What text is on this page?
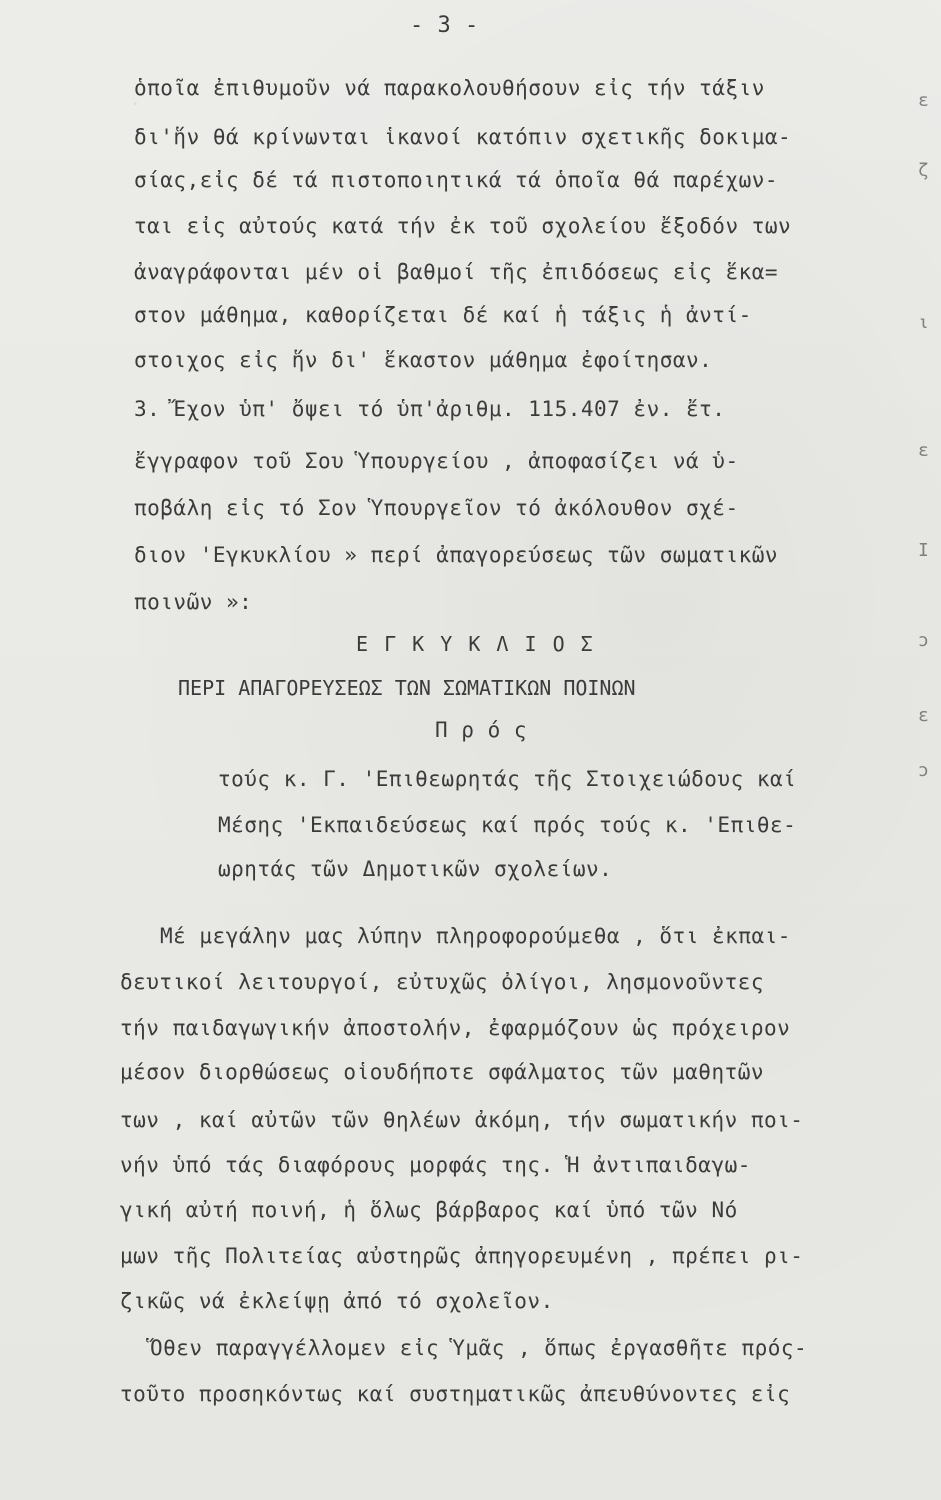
·	ε
ζ
ι
ε
Ι
ɔ
ɛ
ɔ
- 3 -
ὁποῖα ἐπιθυμοῦν νά παρακολουθήσουν εἰς τήν τάξιν
δι'ἥν θά κρίνωνται ἱκανοί κατόπιν σχετικῆς δοκιμα-
σίας,εἰς δέ τά πιστοποιητικά τά ὁποῖα θά παρέχων-
ται εἰς αὐτούς κατά τήν ἐκ τοῦ σχολείου ἔξοδόν των
ἀναγράφονται μέν οἱ βαθμοί τῆς ἐπιδόσεως εἰς ἕκα=
στον μάθημα, καθορίζεται δέ καί ἡ τάξις ἡ ἀντί-
στοιχος εἰς ἥν δι' ἕκαστον μάθημα ἐφοίτησαν.
3. Ἔχον ὑπ' ὄψει τό ὑπ'ἀριθμ. 115.407 ἐν. ἔτ.
ἔγγραφον τοῦ Σου Ὑπουργείου , ἀποφασίζει νά ὑ-
ποβάλη εἰς τό Σον Ὑπουργεῖον τό ἀκόλουθον σχέ-
διον 'Εγκυκλίου » περί ἀπαγορεύσεως τῶν σωματικῶν
ποινῶν »:
Ε Γ Κ Υ Κ Λ Ι Ο Σ
ΠΕΡΙ ΑΠΑΓΟΡΕΥΣΕΩΣ ΤΩΝ ΣΩΜΑΤΙΚΩΝ ΠΟΙΝΩΝ
Π ρ ό ς
τούς κ. Γ. 'Επιθεωρητάς τῆς Στοιχειώδους καί
Μέσης 'Εκπαιδεύσεως καί πρός τούς κ. 'Επιθε-
ωρητάς τῶν Δημοτικῶν σχολείων.
Μέ μεγάλην μας λύπην πληροφορούμεθα , ὅτι ἐκπαι-
δευτικοί λειτουργοί, εὐτυχῶς ὀλίγοι, λησμονοῦντες
τήν παιδαγωγικήν ἀποστολήν, ἐφαρμόζουν ὡς πρόχειρον
μέσον διορθώσεως οἱουδήποτε σφάλματος τῶν μαθητῶν
των , καί αὐτῶν τῶν θηλέων ἀκόμη, τήν σωματικήν ποι-
νήν ὑπό τάς διαφόρους μορφάς της. Ἡ ἀντιπαιδαγω-
γική αὐτή ποινή, ἡ ὅλως βάρβαρος καί ὑπό τῶν Νό
μων τῆς Πολιτείας αὐστηρῶς ἀπηγορευμένη , πρέπει ρι-
ζικῶς νά ἐκλείψῃ ἀπό τό σχολεῖον.
Ὅθεν παραγγέλλομεν εἰς Ὑμᾶς , ὅπως ἐργασθῆτε πρός-
τοῦτο προσηκόντως καί συστηματικῶς ἀπευθύνοντες εἰς
